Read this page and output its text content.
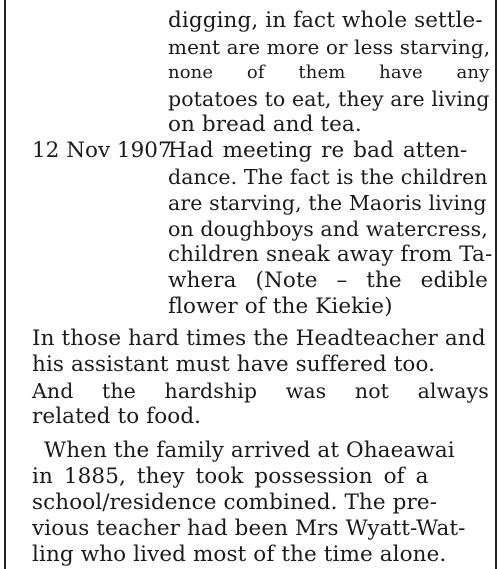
digging, in fact whole settle-
ment are more or less starving,
none of them have any
potatoes to eat, they are living
on bread and tea.
12 Nov 1907
Had meeting re bad atten-
dance. The fact is the children
are starving, the Maoris living
on doughboys and watercress,
children sneak away from Ta-
whera (Note – the edible
flower of the Kiekie)
In those hard times the Headteacher and
his assistant must have suffered too.
And the hardship was not always
related to food.
When the family arrived at Ohaeawai
in 1885, they took possession of a
school/residence combined. The pre-
vious teacher had been Mrs Wyatt-Wat-
ling who lived most of the time alone.
